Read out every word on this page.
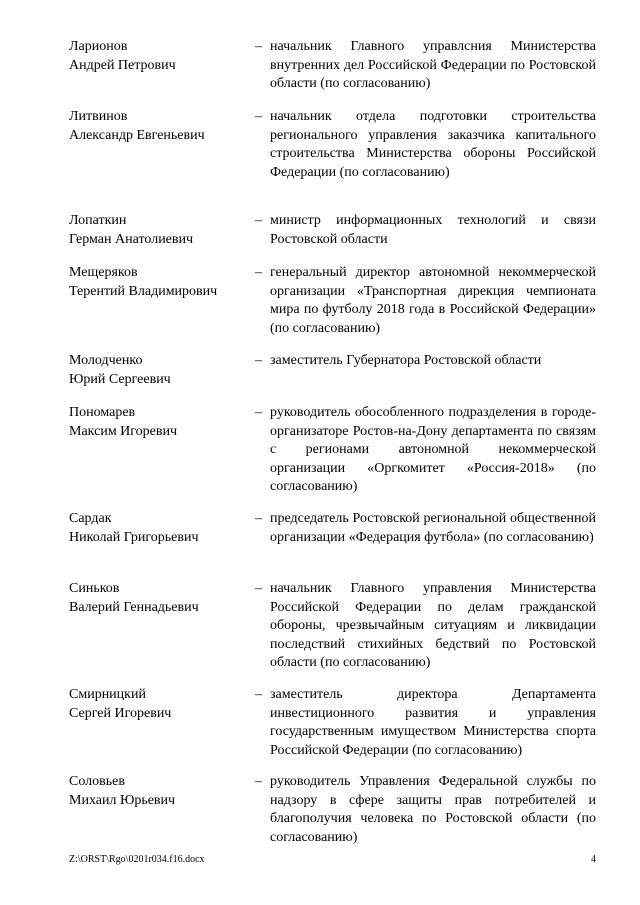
Ларионов
Андрей Петрович
– начальник Главного управлсния Министерства внутренних дел Российской Федерации по Ростовской области (по согласованию)
Литвинов
Александр Евгеньевич
– начальник отдела подготовки строительства регионального управления заказчика капитального строительства Министерства обороны Российской Федерации (по согласованию)
Лопаткин
Герман Анатолиевич
– министр информационных технологий и связи Ростовской области
Мещеряков
Терентий Владимирович
– генеральный директор автономной некоммерческой организации «Транспортная дирекция чемпионата мира по футболу 2018 года в Российской Федерации» (по согласованию)
Молодченко
Юрий Сергеевич
– заместитель Губернатора Ростовской области
Пономарев
Максим Игоревич
– руководитель обособленного подразделения в городе-организаторе Ростов-на-Дону департамента по связям с регионами автономной некоммерческой организации «Оргкомитет «Россия-2018» (по согласованию)
Сардак
Николай Григорьевич
– председатель Ростовской региональной общественной организации «Федерация футбола» (по согласованию)
Синьков
Валерий Геннадьевич
– начальник Главного управления Министерства Российской Федерации по делам гражданской обороны, чрезвычайным ситуациям и ликвидации последствий стихийных бедствий по Ростовской области (по согласованию)
Смирницкий
Сергей Игоревич
– заместитель директора Департамента инвестиционного развития и управления государственным имуществом Министерства спорта Российской Федерации (по согласованию)
Соловьев
Михаил Юрьевич
– руководитель Управления Федеральной службы по надзору в сфере защиты прав потребителей и благополучия человека по Ростовской области (по согласованию)
Z:\ORST\Rgo\0201r034.f16.docx	4
